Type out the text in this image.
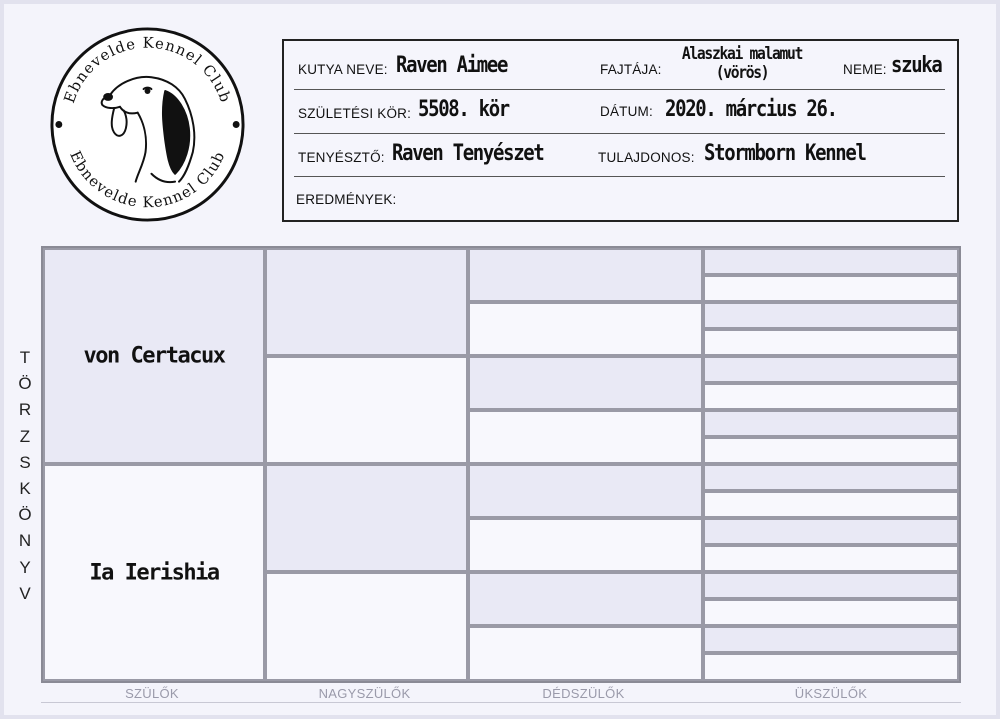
Ebnevelde Kennel Club
Ebnevelde Kennel Club
KUTYA NEVE: Raven Aimee	FAJTÁJA:
Alaszkai malamut
(vörös)	NEME: szuka
SZÜLETÉSI KÖR: 5508. kör	DÁTUM: 2020. március 26.
TENYÉSZTŐ: Raven Tenyészet	TULAJDONOS: Stormborn Kennel
EREDMÉNYEK:
T
Ö
R
Z
S
K
Ö
N
Y
V
von Certacux
Ia Ierishia
SZÜLŐK	NAGYSZÜLŐK	DÉDSZÜLŐK	ÜKSZÜLŐK
